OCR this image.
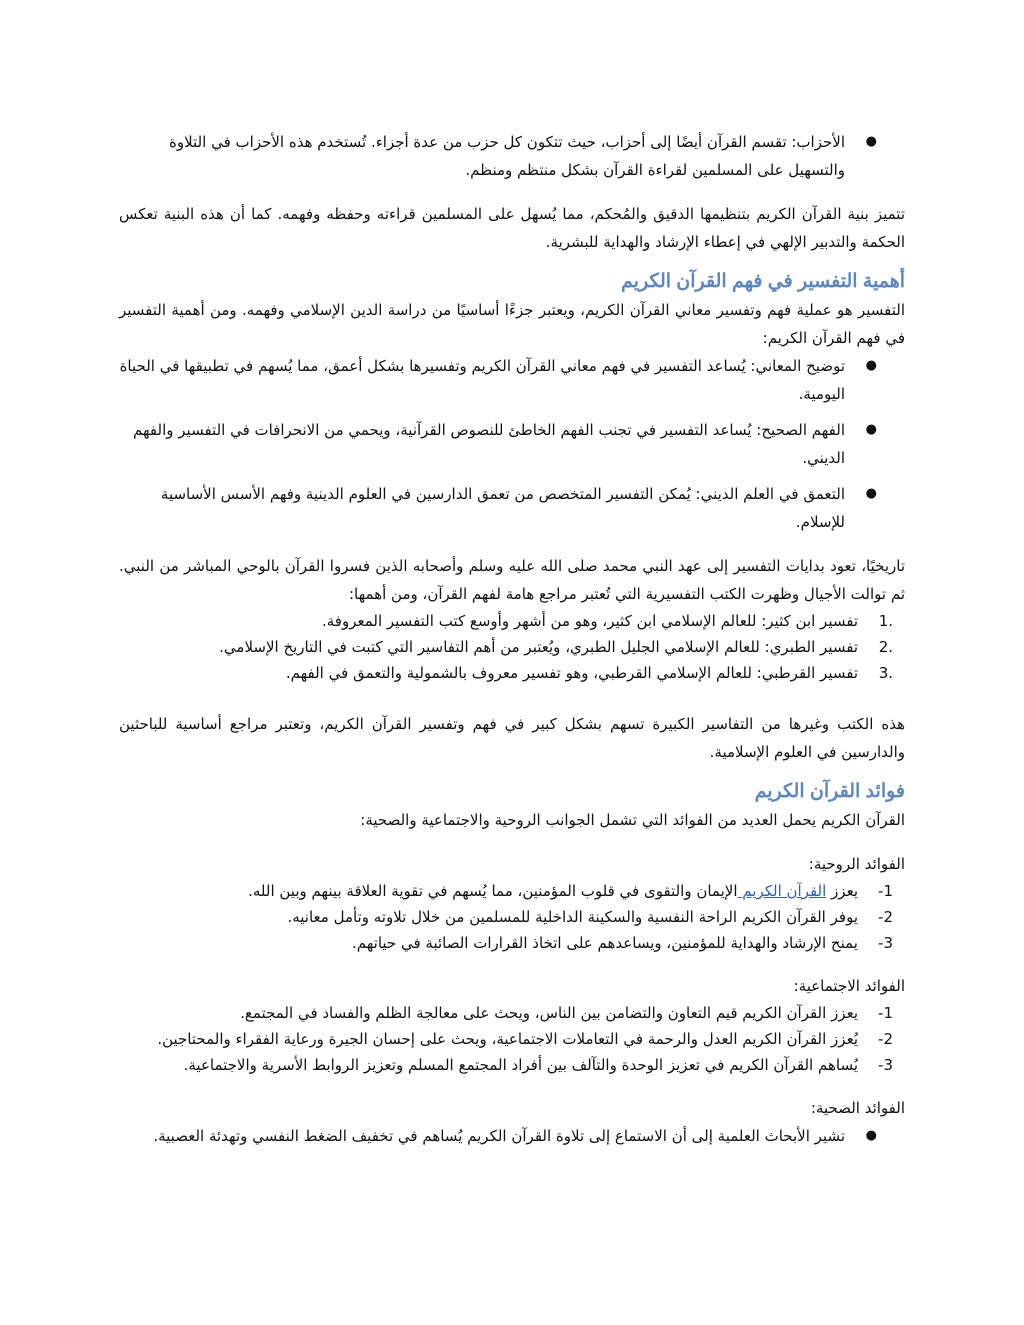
●
الأحزاب: تقسم القرآن أيضًا إلى أحزاب، حيث تتكون كل حزب من عدة أجزاء. تُستخدم هذه الأحزاب في التلاوة والتسهيل على المسلمين لقراءة القرآن بشكل منتظم ومنظم.

تتميز بنية القرآن الكريم بتنظيمها الدقيق والمُحكم، مما يُسهل على المسلمين قراءته وحفظه وفهمه. كما أن هذه البنية تعكس الحكمة والتدبير الإلهي في إعطاء الإرشاد والهداية للبشرية.

أهمية التفسير في فهم القرآن الكريم

التفسير هو عملية فهم وتفسير معاني القرآن الكريم، ويعتبر جزءًا أساسيًا من دراسة الدين الإسلامي وفهمه. ومن أهمية التفسير في فهم القرآن الكريم:

●
توضيح المعاني: يُساعد التفسير في فهم معاني القرآن الكريم وتفسيرها بشكل أعمق، مما يُسهم في تطبيقها في الحياة اليومية.
●
الفهم الصحيح: يُساعد التفسير في تجنب الفهم الخاطئ للنصوص القرآنية، ويحمي من الانحرافات في التفسير والفهم الديني.
●
التعمق في العلم الديني: يُمكن التفسير المتخصص من تعمق الدارسين في العلوم الدينية وفهم الأسس الأساسية للإسلام.

تاريخيًا، تعود بدايات التفسير إلى عهد النبي محمد صلى الله عليه وسلم وأصحابه الذين فسروا القرآن بالوحي المباشر من النبي. ثم توالت الأجيال وظهرت الكتب التفسيرية التي تُعتبر مراجع هامة لفهم القرآن، ومن أهمها:

1.
تفسير ابن كثير: للعالم الإسلامي ابن كثير، وهو من أشهر وأوسع كتب التفسير المعروفة.
2.
تفسير الطبري: للعالم الإسلامي الجليل الطبري، ويُعتبر من أهم التفاسير التي كتبت في التاريخ الإسلامي.
3.
تفسير القرطبي: للعالم الإسلامي القرطبي، وهو تفسير معروف بالشمولية والتعمق في الفهم.

هذه الكتب وغيرها من التفاسير الكبيرة تسهم بشكل كبير في فهم وتفسير القرآن الكريم، وتعتبر مراجع أساسية للباحثين والدارسين في العلوم الإسلامية.

فوائد القرآن الكريم

القرآن الكريم يحمل العديد من الفوائد التي تشمل الجوانب الروحية والاجتماعية والصحية:

الفوائد الروحية:

-1
يعزز القرآن الكريم الإيمان والتقوى في قلوب المؤمنين، مما يُسهم في تقوية العلاقة بينهم وبين الله.
-2
يوفر القرآن الكريم الراحة النفسية والسكينة الداخلية للمسلمين من خلال تلاوته وتأمل معانيه.
-3
يمنح الإرشاد والهداية للمؤمنين، ويساعدهم على اتخاذ القرارات الصائبة في حياتهم.

الفوائد الاجتماعية:

-1
يعزز القرآن الكريم قيم التعاون والتضامن بين الناس، ويحث على معالجة الظلم والفساد في المجتمع.
-2
يُعزز القرآن الكريم العدل والرحمة في التعاملات الاجتماعية، ويحث على إحسان الجيرة ورعاية الفقراء والمحتاجين.
-3
يُساهم القرآن الكريم في تعزيز الوحدة والتآلف بين أفراد المجتمع المسلم وتعزيز الروابط الأسرية والاجتماعية.

الفوائد الصحية:

●
تشير الأبحاث العلمية إلى أن الاستماع إلى تلاوة القرآن الكريم يُساهم في تخفيف الضغط النفسي وتهدئة العصبية.
